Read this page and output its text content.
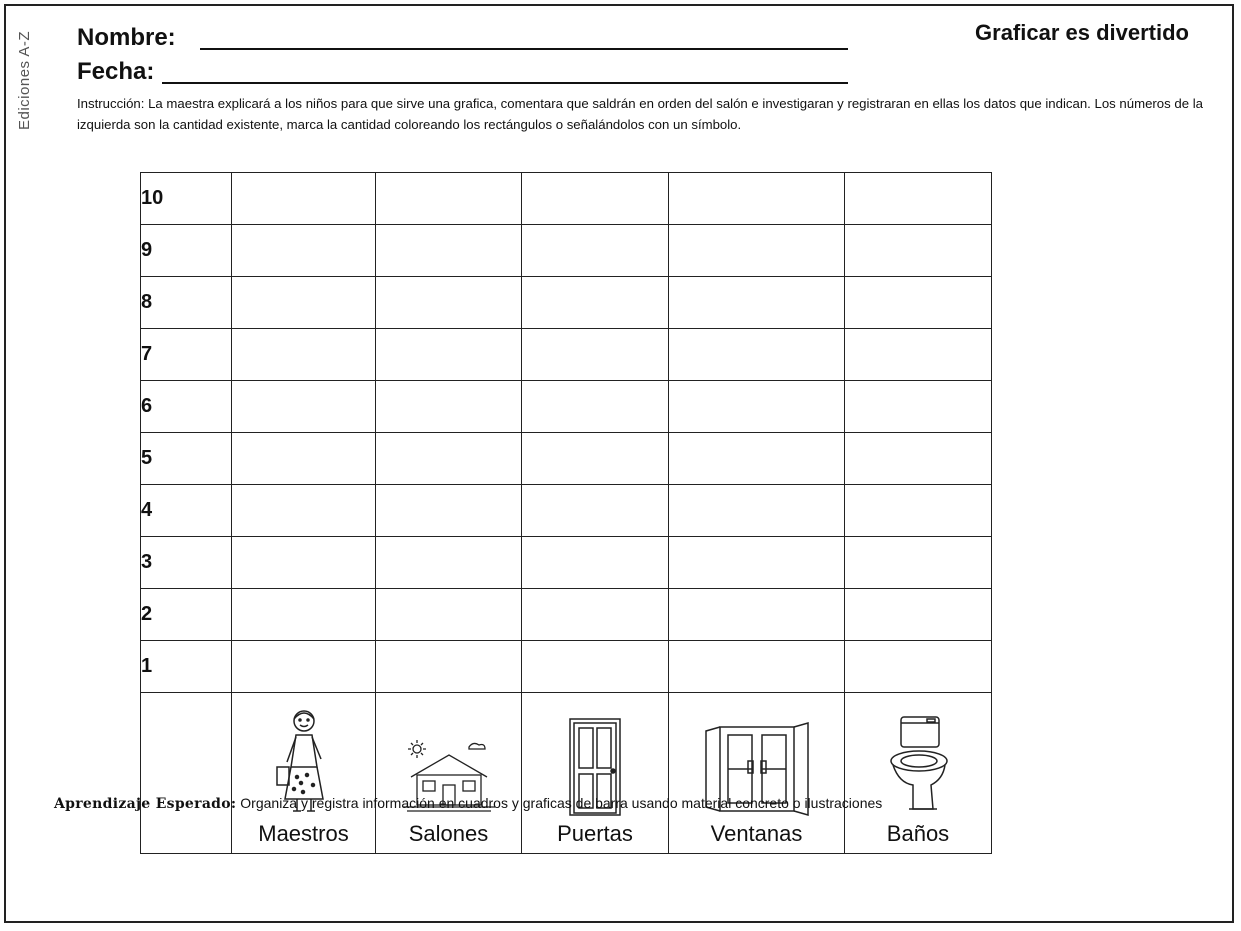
Ediciones A-Z Nombre:
Fecha:
Graficar es divertido
Instrucción: La maestra explicará a los niños para que sirve una grafica, comentara que saldrán en orden del salón e investigaran y registraran en ellas los datos que indican. Los números de la izquierda son la cantidad existente, marca la cantidad coloreando los rectángulos o señalándolos con un símbolo.
10					
9					
8					
7					
6					
5					
4					
3					
2					
1					

	Maestros	Salones	Puertas	Ventanas	Baños
Aprendizaje Esperado: Organiza y registra información en cuadros y graficas de barra usando material concreto o ilustraciones
